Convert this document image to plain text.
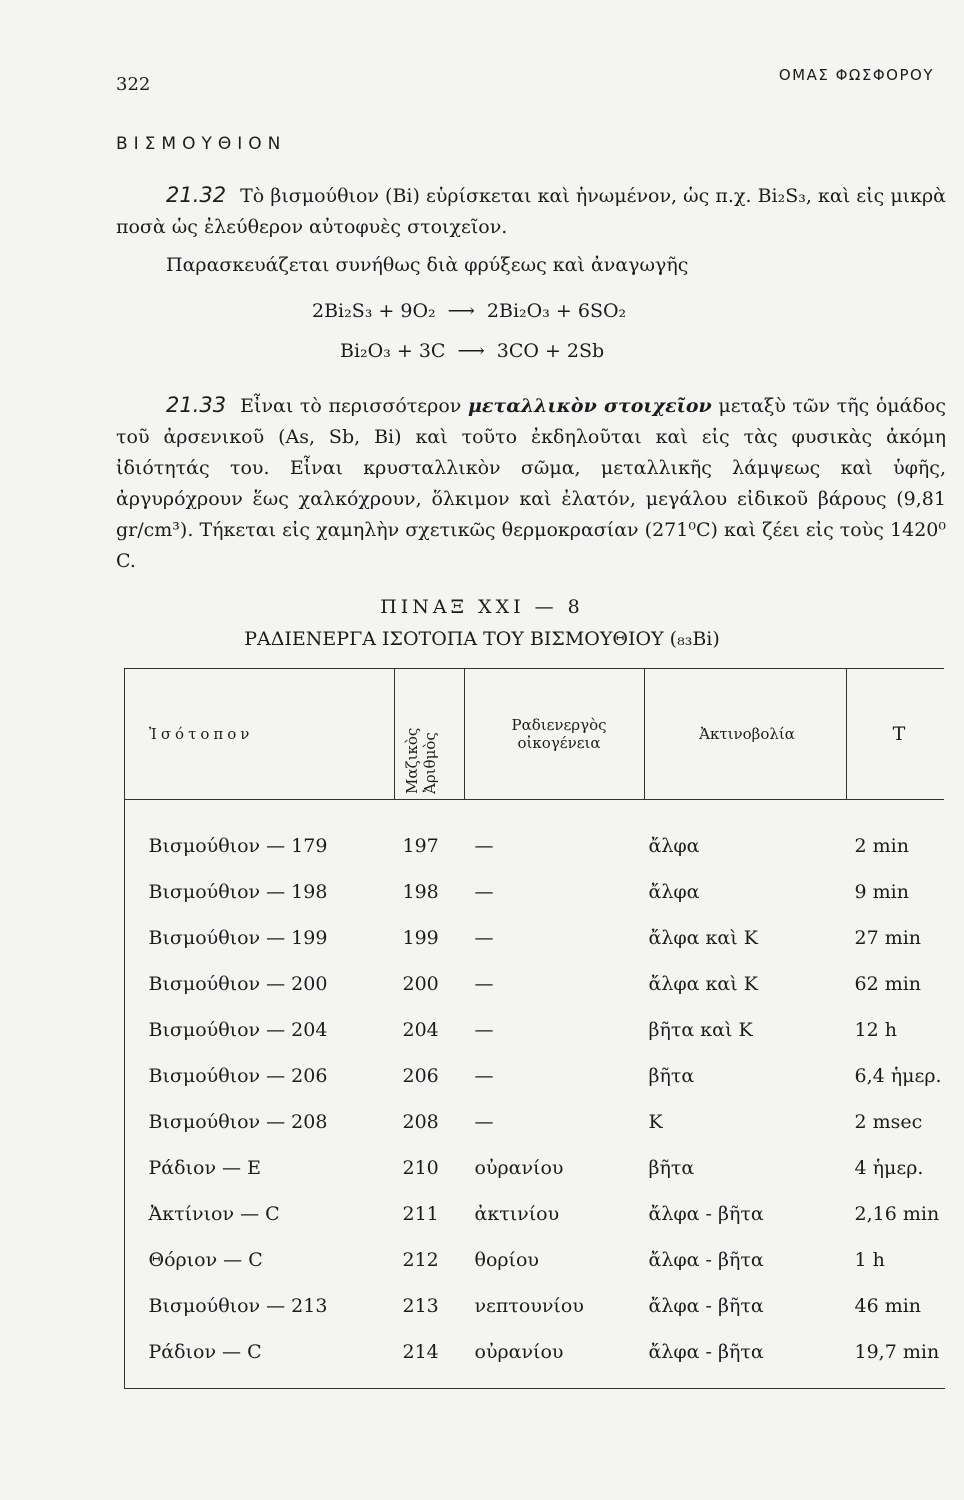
322	ΟΜΑΣ ΦΩΣΦΟΡΟΥ
ΒΙΣΜΟΥΘΙΟΝ
21.32 Τὸ βισμούθιον (Bi) εὑρίσκεται καὶ ἡνωμένον, ὡς π.χ. Bi₂S₃, καὶ εἰς μικρὰ ποσὰ ὡς ἐλεύθερον αὐτοφυὲς στοιχεῖον.
Παρασκευάζεται συνήθως διὰ φρύξεως καὶ ἀναγωγῆς
2Bi₂S₃ + 9O₂ ⟶ 2Bi₂O₃ + 6SO₂
Bi₂O₃ + 3C ⟶ 3CO + 2Sb
21.33 Εἶναι τὸ περισσότερον μεταλλικὸν στοιχεῖον μεταξὺ τῶν τῆς ὁμάδος τοῦ ἀρσενικοῦ (As, Sb, Bi) καὶ τοῦτο ἐκδηλοῦται καὶ εἰς τὰς φυσικὰς ἀκόμη ἰδιότητάς του. Εἶναι κρυσταλλικὸν σῶμα, μεταλλικῆς λάμψεως καὶ ὑφῆς, ἀργυρόχρουν ἕως χαλκόχρουν, ὅλκιμον καὶ ἐλατόν, μεγάλου εἰδικοῦ βάρους (9,81 gr/cm³). Τήκεται εἰς χαμηλὴν σχετικῶς θερμοκρασίαν (271⁰C) καὶ ζέει εἰς τοὺς 1420⁰ C.
ΠΙΝΑΞ XXI — 8
ΡΑΔΙΕΝΕΡΓΑ ΙΣΟΤΟΠΑ ΤΟΥ ΒΙΣΜΟΥΘΙΟΥ (₈₃Bi)
Ἰσότοπον	Μαζικὸς Ἀριθμὸς	Ραδιενεργὸς οἰκογένεια	Ἀκτινοβολία	T
Βισμούθιον — 179	197	—	ἄλφα	2 min
Βισμούθιον — 198	198	—	ἄλφα	9 min
Βισμούθιον — 199	199	—	ἄλφα καὶ K	27 min
Βισμούθιον — 200	200	—	ἄλφα καὶ K	62 min
Βισμούθιον — 204	204	—	βῆτα καὶ K	12 h
Βισμούθιον — 206	206	—	βῆτα	6,4 ἡμερ.
Βισμούθιον — 208	208	—	K	2 msec
Ράδιον — E	210	οὐρανίου	βῆτα	4 ἡμερ.
Ἀκτίνιον — C	211	ἀκτινίου	ἄλφα - βῆτα	2,16 min
Θόριον — C	212	θορίου	ἄλφα - βῆτα	1 h
Βισμούθιον — 213	213	νεπτουνίου	ἄλφα - βῆτα	46 min
Ράδιον — C	214	οὐρανίου	ἄλφα - βῆτα	19,7 min
